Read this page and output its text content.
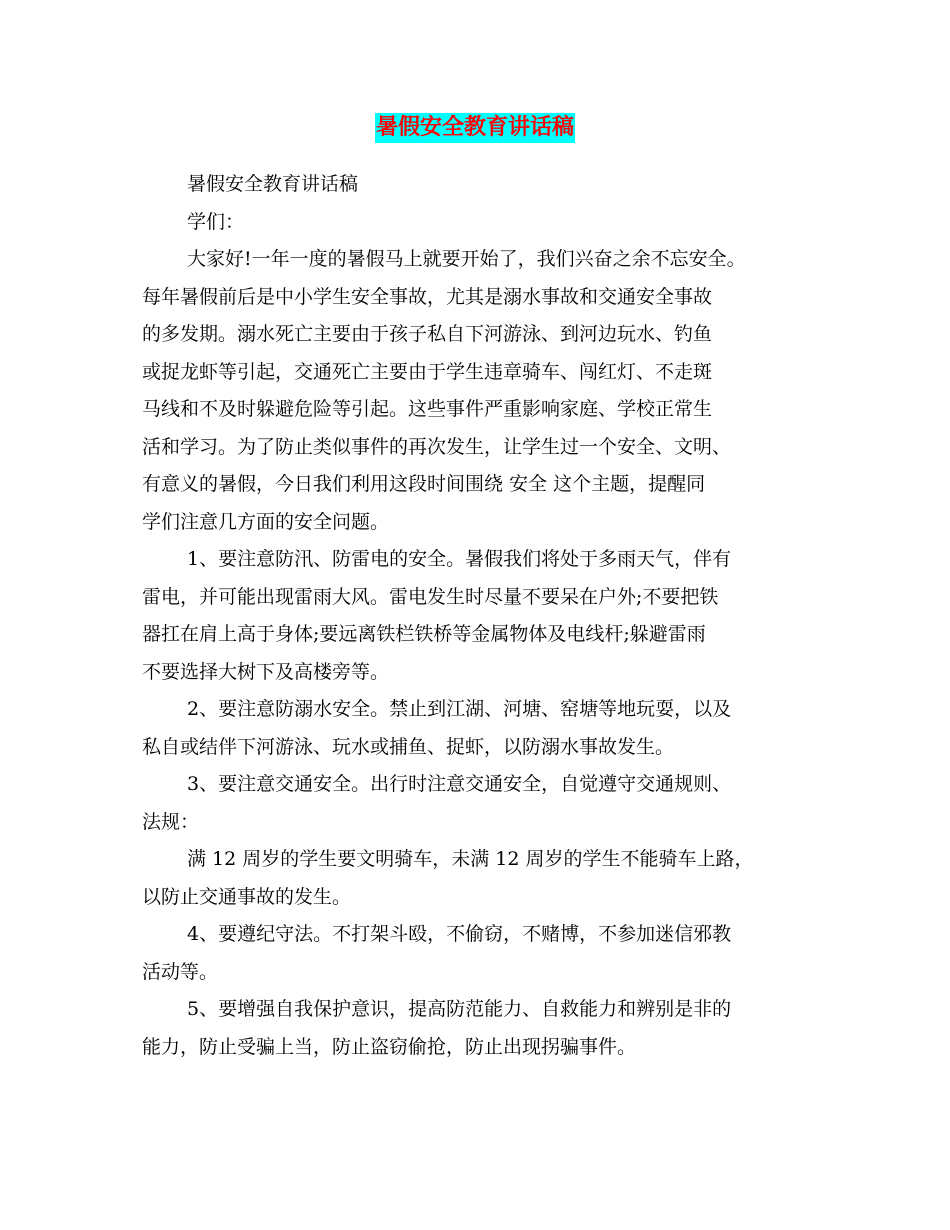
暑假安全教育讲话稿
暑假安全教育讲话稿
学们：
大家好!一年一度的暑假马上就要开始了，我们兴奋之余不忘安全。
每年暑假前后是中小学生安全事故，尤其是溺水事故和交通安全事故
的多发期。溺水死亡主要由于孩子私自下河游泳、到河边玩水、钓鱼
或捉龙虾等引起，交通死亡主要由于学生违章骑车、闯红灯、不走斑
马线和不及时躲避危险等引起。这些事件严重影响家庭、学校正常生
活和学习。为了防止类似事件的再次发生，让学生过一个安全、文明、
有意义的暑假，今日我们利用这段时间围绕 安全 这个主题，提醒同
学们注意几方面的安全问题。
1、要注意防汛、防雷电的安全。暑假我们将处于多雨天气，伴有
雷电，并可能出现雷雨大风。雷电发生时尽量不要呆在户外;不要把铁
器扛在肩上高于身体;要远离铁栏铁桥等金属物体及电线杆;躲避雷雨
不要选择大树下及高楼旁等。
2、要注意防溺水安全。禁止到江湖、河塘、窑塘等地玩耍，以及
私自或结伴下河游泳、玩水或捕鱼、捉虾，以防溺水事故发生。
3、要注意交通安全。出行时注意交通安全，自觉遵守交通规则、
法规：
满 12 周岁的学生要文明骑车，未满 12 周岁的学生不能骑车上路，
以防止交通事故的发生。
4、要遵纪守法。不打架斗殴，不偷窃，不赌博，不参加迷信邪教
活动等。
5、要增强自我保护意识，提高防范能力、自救能力和辨别是非的
能力，防止受骗上当，防止盗窃偷抢，防止出现拐骗事件。
